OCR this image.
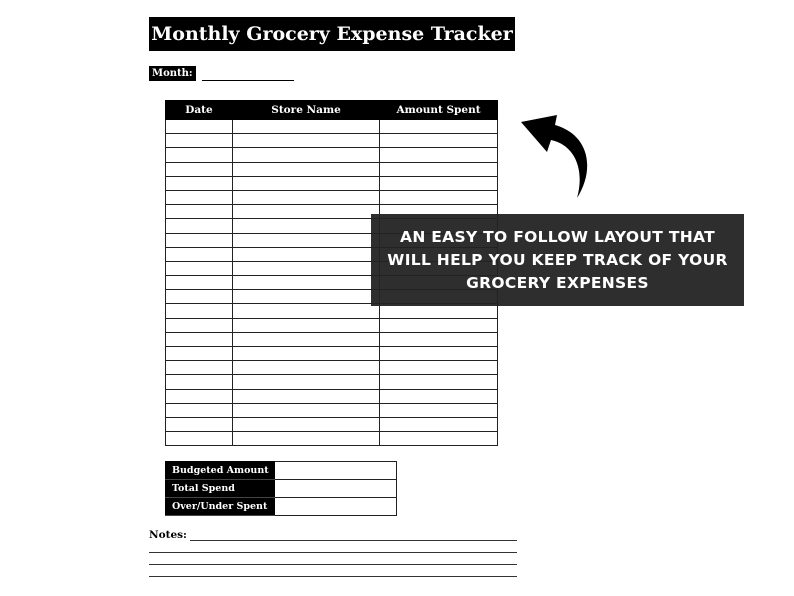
Monthly Grocery Expense Tracker
Month:
Date	Store Name	Amount Spent

Budgeted Amount	
Total Spend	
Over/Under Spent	
Notes:
AN EASY TO FOLLOW LAYOUT THAT WILL HELP YOU KEEP TRACK OF YOUR GROCERY EXPENSES
